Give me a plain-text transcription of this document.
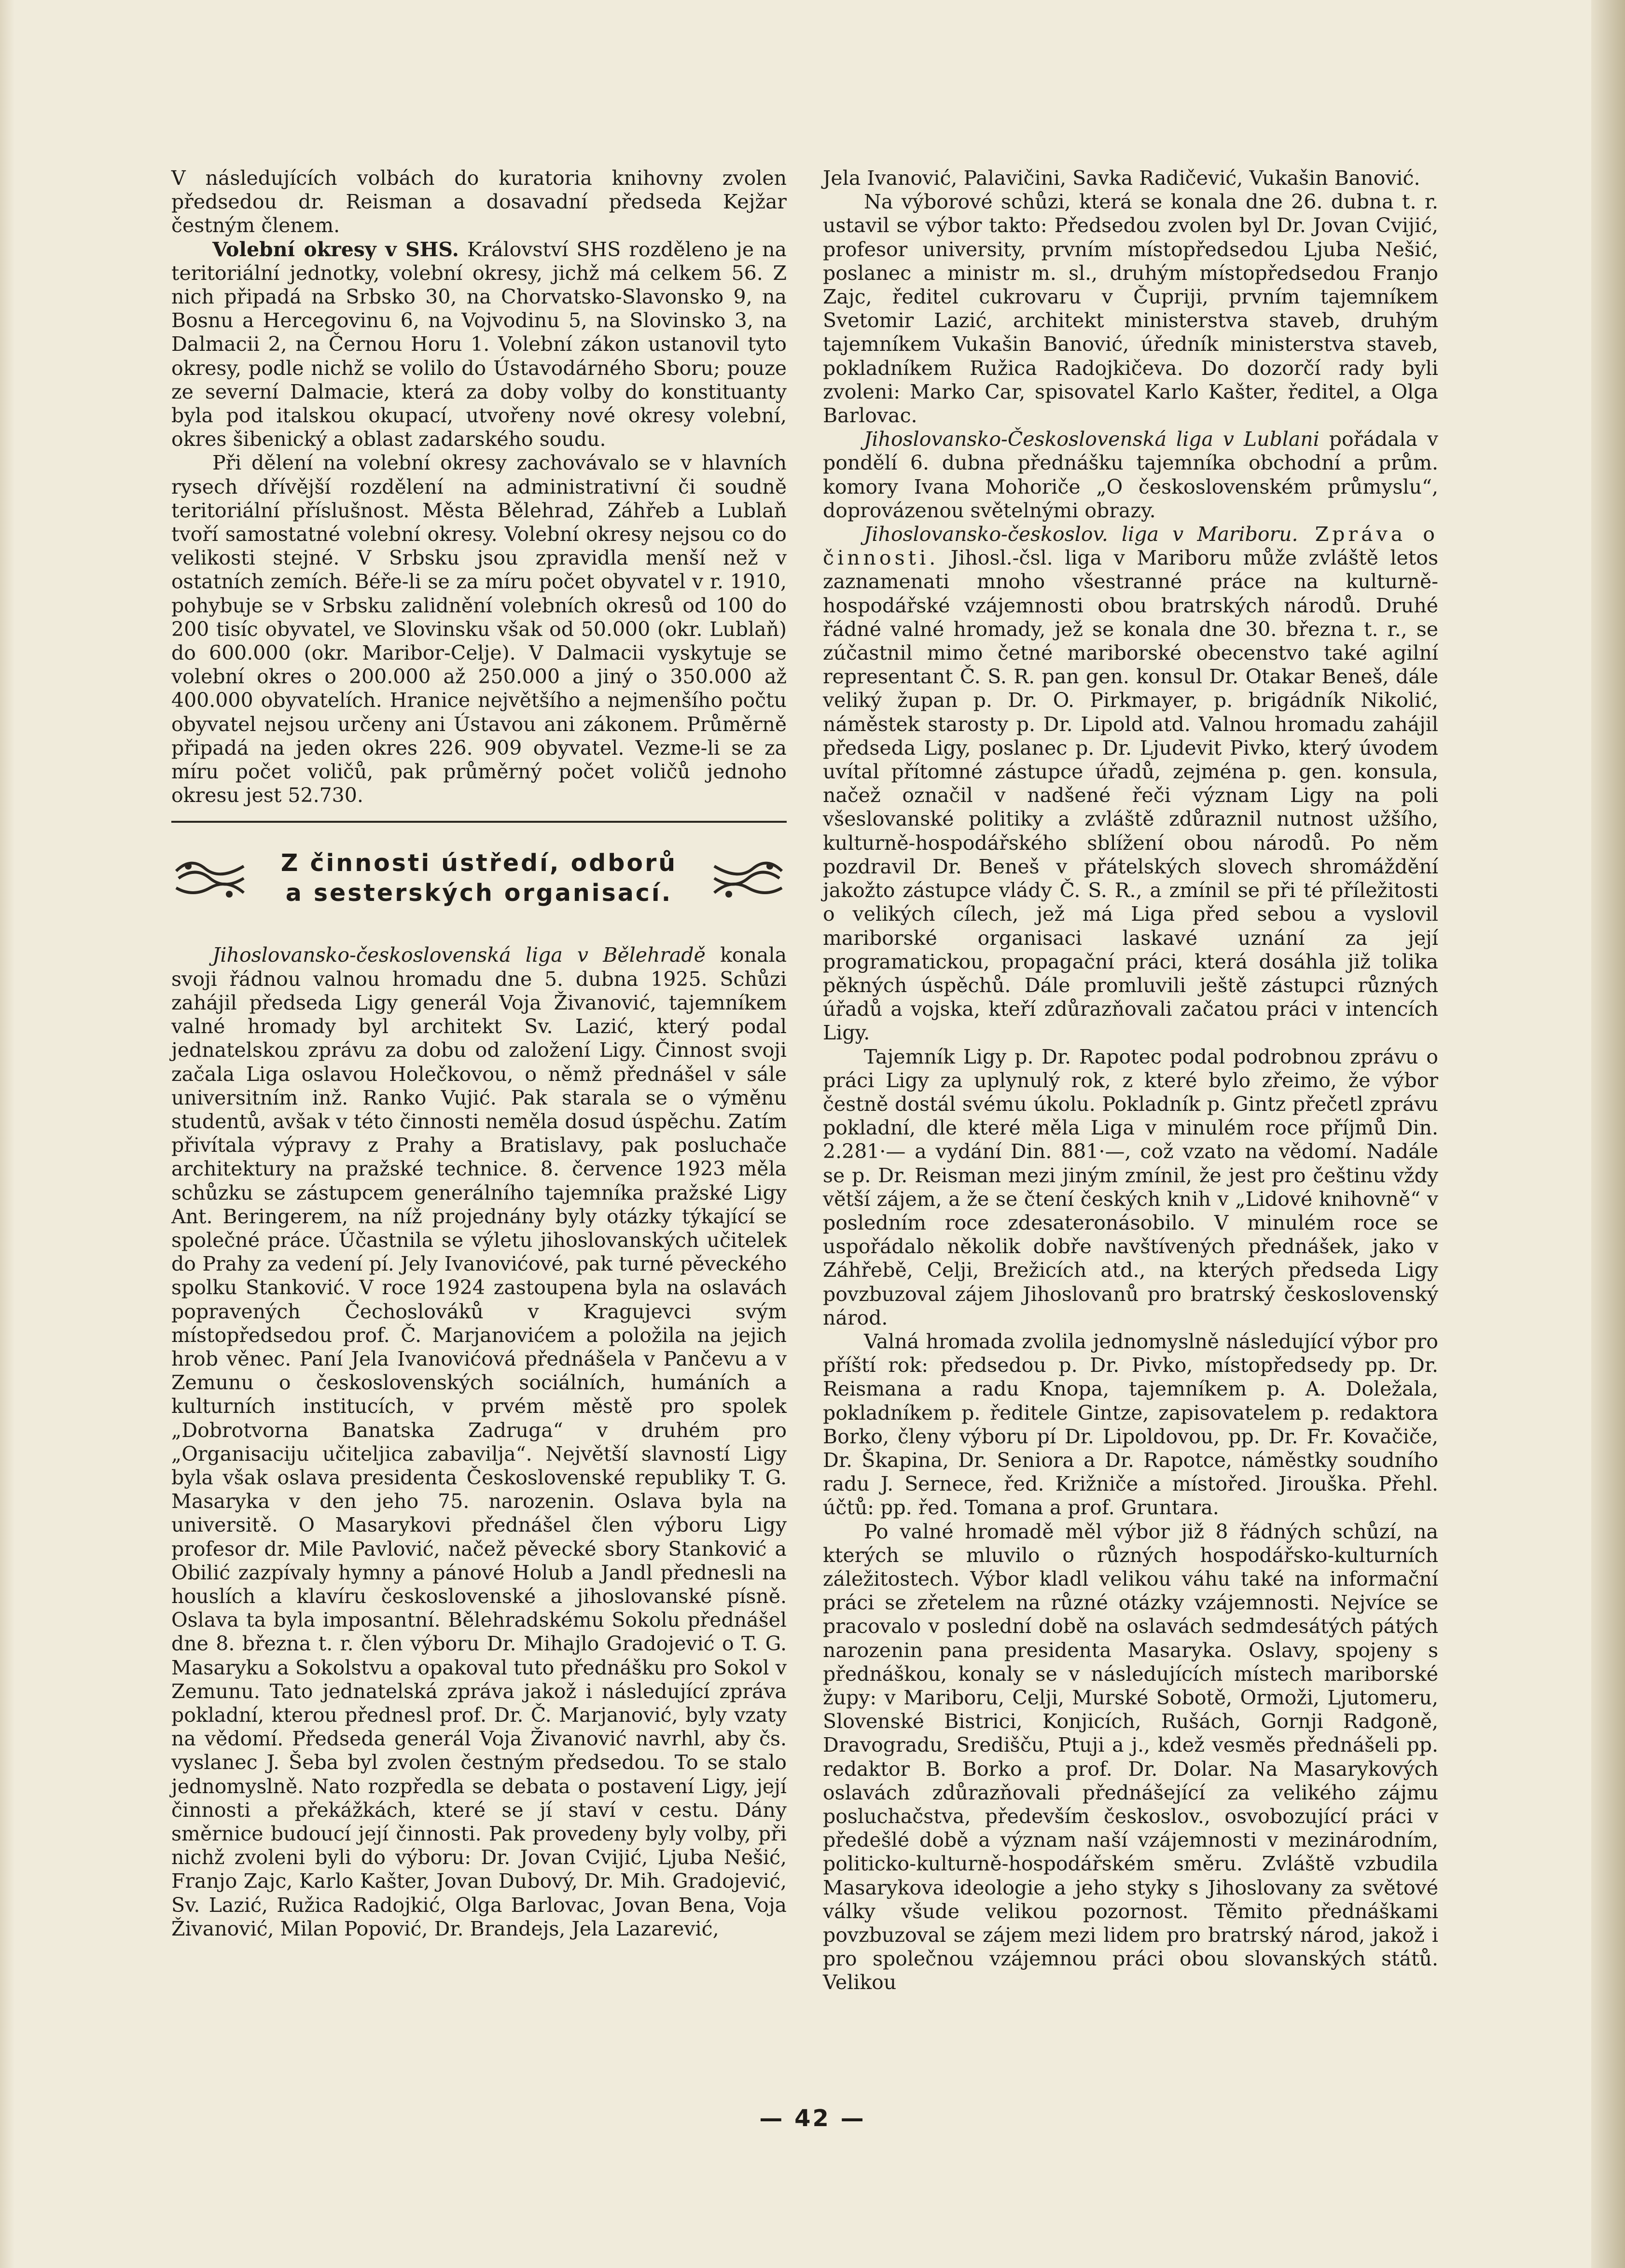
V následujících volbách do kuratoria knihovny zvolen předsedou dr. Reisman a dosavadní předseda Kejžar čestným členem.

Volební okresy v SHS. Království SHS rozděleno je na teritoriální jednotky, volební okresy, jichž má celkem 56. Z nich připadá na Srbsko 30, na Chorvatsko-Slavonsko 9, na Bosnu a Hercegovinu 6, na Vojvodinu 5, na Slovinsko 3, na Dalmacii 2, na Černou Horu 1. Volební zákon ustanovil tyto okresy, podle nichž se volilo do Ústavodárného Sboru; pouze ze severní Dalmacie, která za doby volby do konstituanty byla pod italskou okupací, utvořeny nové okresy volební, okres šibenický a oblast zadarského soudu.

Při dělení na volební okresy zachovávalo se v hlavních rysech dřívější rozdělení na administrativní či soudně teritoriální příslušnost. Města Bělehrad, Záhřeb a Lublaň tvoří samostatné volební okresy. Volební okresy nejsou co do velikosti stejné. V Srbsku jsou zpravidla menší než v ostatních zemích. Béře-li se za míru počet obyvatel v r. 1910, pohybuje se v Srbsku zalidnění volebních okresů od 100 do 200 tisíc obyvatel, ve Slovinsku však od 50.000 (okr. Lublaň) do 600.000 (okr. Maribor-Celje). V Dalmacii vyskytuje se volební okres o 200.000 až 250.000 a jiný o 350.000 až 400.000 obyvatelích. Hranice největšího a nejmenšího počtu obyvatel nejsou určeny ani Ústavou ani zákonem. Průměrně připadá na jeden okres 226. 909 obyvatel. Vezme-li se za míru počet voličů, pak průměrný počet voličů jednoho okresu jest 52.730.

Z činnosti ústředí, odborů
a sesterských organisací.

Jihoslovansko-československá liga v Bělehradě konala svoji řádnou valnou hromadu dne 5. dubna 1925. Schůzi zahájil předseda Ligy generál Voja Živanović, tajemníkem valné hromady byl architekt Sv. Lazić, který podal jednatelskou zprávu za dobu od založení Ligy. Činnost svoji začala Liga oslavou Holečkovou, o němž přednášel v sále universitním inž. Ranko Vujić. Pak starala se o výměnu studentů, avšak v této činnosti neměla dosud úspěchu. Zatím přivítala výpravy z Prahy a Bratislavy, pak posluchače architektury na pražské technice. 8. července 1923 měla schůzku se zástupcem generálního tajemníka pražské Ligy Ant. Beringerem, na níž projednány byly otázky týkající se společné práce. Účastnila se výletu jihoslovanských učitelek do Prahy za vedení pí. Jely Ivanovićové, pak turné pěveckého spolku Stanković. V roce 1924 zastoupena byla na oslavách popravených Čechoslováků v Kragujevci svým místopředsedou prof. Č. Marjanovićem a položila na jejich hrob věnec. Paní Jela Ivanovićová přednášela v Pančevu a v Zemunu o československých sociálních, humáních a kulturních institucích, v prvém městě pro spolek „Dobrotvorna Banatska Zadruga“ v druhém pro „Organisaciju učiteljica zabavilja“. Největší slavností Ligy byla však oslava presidenta Československé republiky T. G. Masaryka v den jeho 75. narozenin. Oslava byla na universitě. O Masarykovi přednášel člen výboru Ligy profesor dr. Mile Pavlović, načež pěvecké sbory Stanković a Obilić zazpívaly hymny a pánové Holub a Jandl přednesli na houslích a klavíru československé a jihoslovanské písně. Oslava ta byla imposantní. Bělehradskému Sokolu přednášel dne 8. března t. r. člen výboru Dr. Mihajlo Gradojević o T. G. Masaryku a Sokolstvu a opakoval tuto přednášku pro Sokol v Zemunu. Tato jednatelská zpráva jakož i následující zpráva pokladní, kterou přednesl prof. Dr. Č. Marjanović, byly vzaty na vědomí. Předseda generál Voja Živanović navrhl, aby čs. vyslanec J. Šeba byl zvolen čestným předsedou. To se stalo jednomyslně. Nato rozpředla se debata o postavení Ligy, její činnosti a překážkách, které se jí staví v cestu. Dány směrnice budoucí její činnosti. Pak provedeny byly volby, při nichž zvoleni byli do výboru: Dr. Jovan Cvijić, Ljuba Nešić, Franjo Zajc, Karlo Kašter, Jovan Dubový, Dr. Mih. Gradojević, Sv. Lazić, Ružica Radojkić, Olga Barlovac, Jovan Bena, Voja Živanović, Milan Popović, Dr. Brandejs, Jela Lazarević,

Jela Ivanović, Palavičini, Savka Radičević, Vukašin Banović.

Na výborové schůzi, která se konala dne 26. dubna t. r. ustavil se výbor takto: Předsedou zvolen byl Dr. Jovan Cvijić, profesor university, prvním místopředsedou Ljuba Nešić, poslanec a ministr m. sl., druhým místopředsedou Franjo Zajc, ředitel cukrovaru v Čupriji, prvním tajemníkem Svetomir Lazić, architekt ministerstva staveb, druhým tajemníkem Vukašin Banović, úředník ministerstva staveb, pokladníkem Ružica Radojkičeva. Do dozorčí rady byli zvoleni: Marko Car, spisovatel Karlo Kašter, ředitel, a Olga Barlovac.

Jihoslovansko-Československá liga v Lublani pořádala v pondělí 6. dubna přednášku tajemníka obchodní a prům. komory Ivana Mohoriče „O československém průmyslu“, doprovázenou světelnými obrazy.

Jihoslovansko-českoslov. liga v Mariboru. Zpráva o činnosti. Jihosl.-čsl. liga v Mariboru může zvláště letos zaznamenati mnoho všestranné práce na kulturně-hospodářské vzájemnosti obou bratrských národů. Druhé řádné valné hromady, jež se konala dne 30. března t. r., se zúčastnil mimo četné mariborské obecenstvo také agilní representant Č. S. R. pan gen. konsul Dr. Otakar Beneš, dále veliký župan p. Dr. O. Pirkmayer, p. brigádník Nikolić, náměstek starosty p. Dr. Lipold atd. Valnou hromadu zahájil předseda Ligy, poslanec p. Dr. Ljudevit Pivko, který úvodem uvítal přítomné zástupce úřadů, zejména p. gen. konsula, načež označil v nadšené řeči význam Ligy na poli všeslovanské politiky a zvláště zdůraznil nutnost užšího, kulturně-hospodářského sblížení obou národů. Po něm pozdravil Dr. Beneš v přátelských slovech shromáždění jakožto zástupce vlády Č. S. R., a zmínil se při té příležitosti o velikých cílech, jež má Liga před sebou a vyslovil mariborské organisaci laskavé uznání za její programatickou, propagační práci, která dosáhla již tolika pěkných úspěchů. Dále promluvili ještě zástupci různých úřadů a vojska, kteří zdůrazňovali začatou práci v intencích Ligy.

Tajemník Ligy p. Dr. Rapotec podal podrobnou zprávu o práci Ligy za uplynulý rok, z které bylo zřeimo, že výbor čestně dostál svému úkolu. Pokladník p. Gintz přečetl zprávu pokladní, dle které měla Liga v minulém roce příjmů Din. 2.281·— a vydání Din. 881·—, což vzato na vědomí. Nadále se p. Dr. Reisman mezi jiným zmínil, že jest pro češtinu vždy větší zájem, a že se čtení českých knih v „Lidové knihovně“ v posledním roce zdesateronásobilo. V minulém roce se uspořádalo několik dobře navštívených přednášek, jako v Záhřebě, Celji, Brežicích atd., na kterých předseda Ligy povzbuzoval zájem Jihoslovanů pro bratrský československý národ.

Valná hromada zvolila jednomyslně následující výbor pro příští rok: předsedou p. Dr. Pivko, místopředsedy pp. Dr. Reismana a radu Knopa, tajemníkem p. A. Doležala, pokladníkem p. ředitele Gintze, zapisovatelem p. redaktora Borko, členy výboru pí Dr. Lipoldovou, pp. Dr. Fr. Kovačiče, Dr. Škapina, Dr. Seniora a Dr. Rapotce, náměstky soudního radu J. Sernece, řed. Križniče a místořed. Jirouška. Přehl. účtů: pp. řed. Tomana a prof. Gruntara.

Po valné hromadě měl výbor již 8 řádných schůzí, na kterých se mluvilo o různých hospodářsko-kulturních záležitostech. Výbor kladl velikou váhu také na informační práci se zřetelem na různé otázky vzájemnosti. Nejvíce se pracovalo v poslední době na oslavách sedmdesátých pátých narozenin pana presidenta Masaryka. Oslavy, spojeny s přednáškou, konaly se v následujících místech mariborské župy: v Mariboru, Celji, Murské Sobotě, Ormoži, Ljutomeru, Slovenské Bistrici, Konjicích, Rušách, Gornji Radgoně, Dravogradu, Središču, Ptuji a j., kdež vesměs přednášeli pp. redaktor B. Borko a prof. Dr. Dolar. Na Masarykových oslavách zdůrazňovali přednášející za velikého zájmu posluchačstva, především českoslov., osvobozující práci v předešlé době a význam naší vzájemnosti v mezinárodním, politicko-kulturně-hospodářském směru. Zvláště vzbudila Masarykova ideologie a jeho styky s Jihoslovany za světové války všude velikou pozornost. Těmito přednáškami povzbuzoval se zájem mezi lidem pro bratrský národ, jakož i pro společnou vzájemnou práci obou slovanských států. Velikou

— 42 —
